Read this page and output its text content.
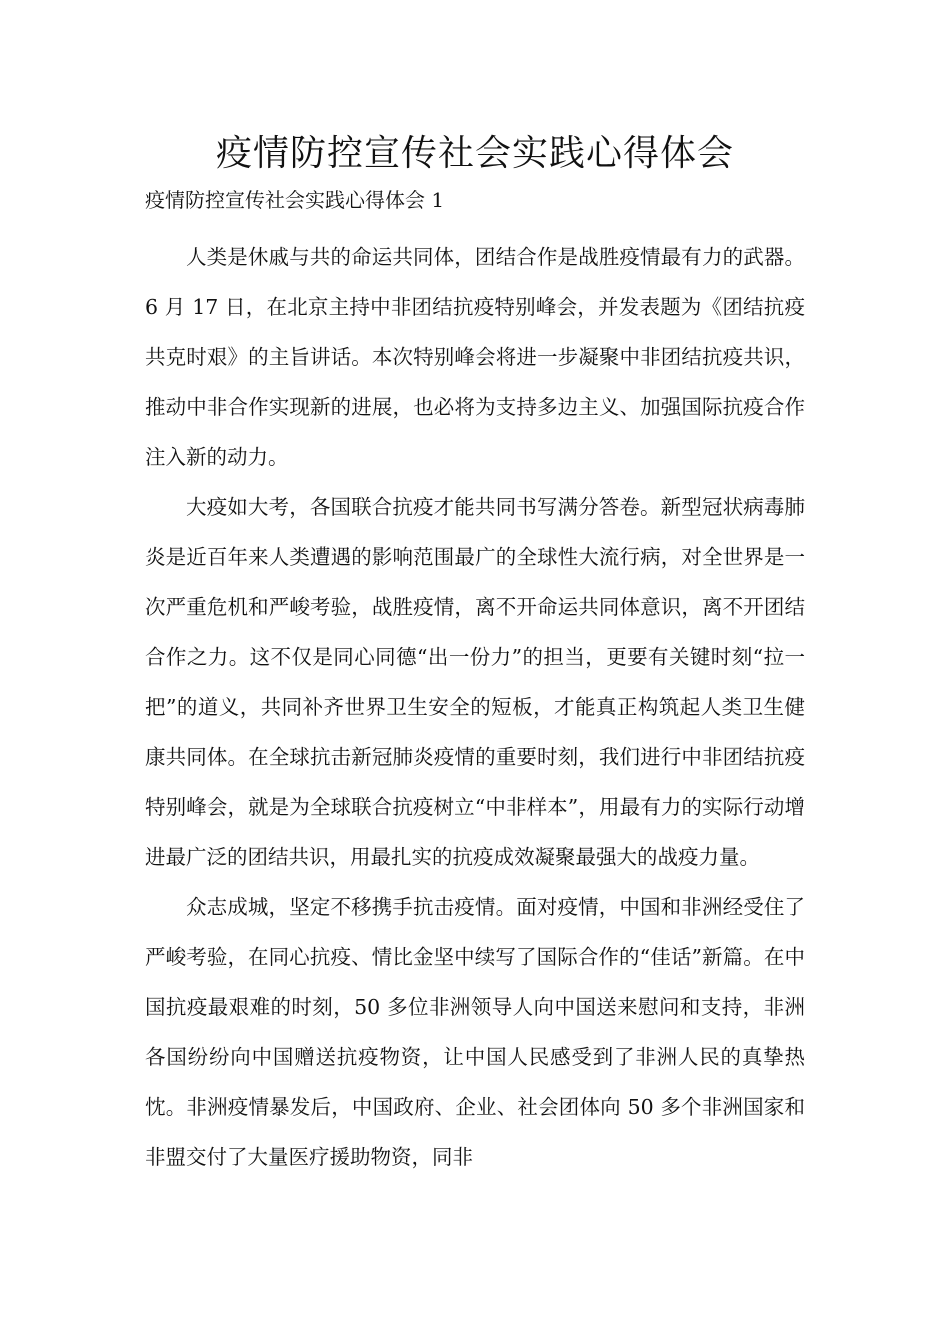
疫情防控宣传社会实践心得体会
疫情防控宣传社会实践心得体会 1

人类是休戚与共的命运共同体，团结合作是战胜疫情最有力的武器。6 月 17 日，在北京主持中非团结抗疫特别峰会，并发表题为《团结抗疫 共克时艰》的主旨讲话。本次特别峰会将进一步凝聚中非团结抗疫共识，推动中非合作实现新的进展，也必将为支持多边主义、加强国际抗疫合作注入新的动力。

大疫如大考，各国联合抗疫才能共同书写满分答卷。新型冠状病毒肺炎是近百年来人类遭遇的影响范围最广的全球性大流行病，对全世界是一次严重危机和严峻考验，战胜疫情，离不开命运共同体意识，离不开团结合作之力。这不仅是同心同德“出一份力”的担当，更要有关键时刻“拉一把”的道义，共同补齐世界卫生安全的短板，才能真正构筑起人类卫生健康共同体。在全球抗击新冠肺炎疫情的重要时刻，我们进行中非团结抗疫特别峰会，就是为全球联合抗疫树立“中非样本”，用最有力的实际行动增进最广泛的团结共识，用最扎实的抗疫成效凝聚最强大的战疫力量。

众志成城，坚定不移携手抗击疫情。面对疫情，中国和非洲经受住了严峻考验，在同心抗疫、情比金坚中续写了国际合作的“佳话”新篇。在中国抗疫最艰难的时刻，50 多位非洲领导人向中国送来慰问和支持，非洲各国纷纷向中国赠送抗疫物资，让中国人民感受到了非洲人民的真挚热忱。非洲疫情暴发后，中国政府、企业、社会团体向 50 多个非洲国家和非盟交付了大量医疗援助物资，同非
